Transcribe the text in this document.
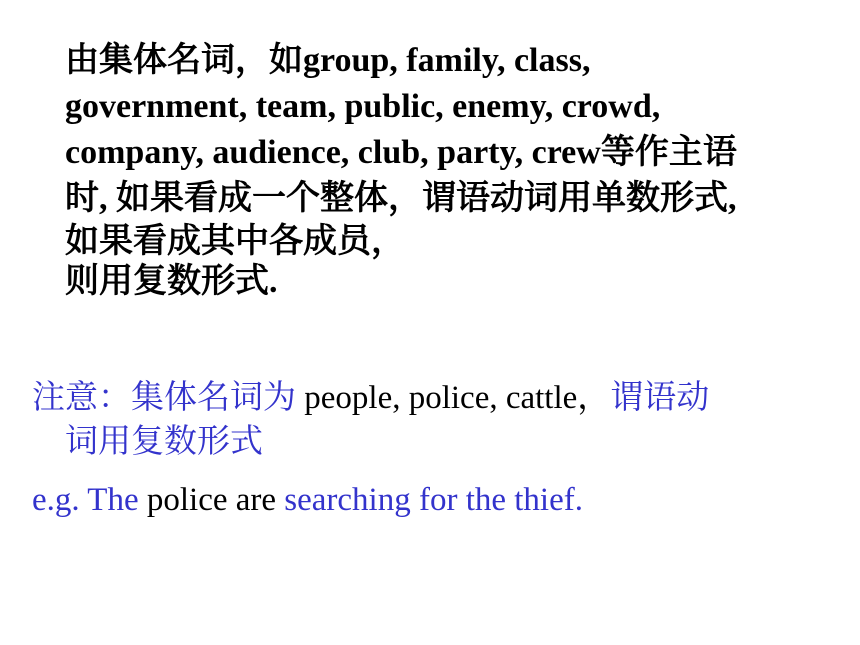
由集体名词，如group, family, class,
government, team, public, enemy, crowd,
company, audience, club, party, crew等作主语
时, 如果看成一个整体，谓语动词用单数形式,
如果看成其中各成员，
则用复数形式.
注意：集体名词为 people, police, cattle，谓语动
词用复数形式
e.g. The police are searching for the thief.
